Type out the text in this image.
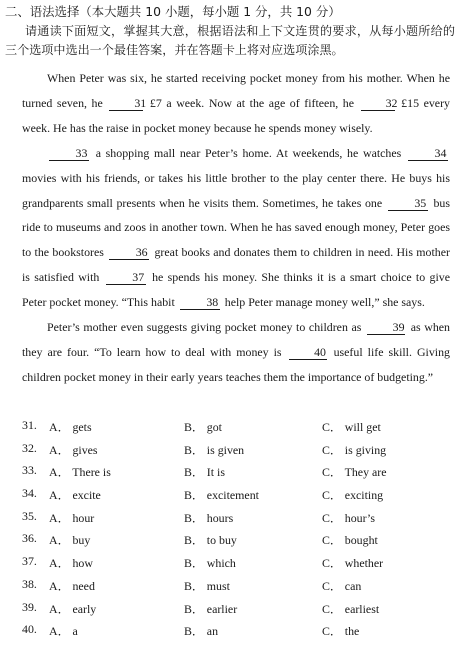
二、语法选择（本大题共 10 小题，每小题 1 分，共 10 分）
请通读下面短文，掌握其大意，根据语法和上下文连贯的要求，从每小题所给的三个选项中选出一个最佳答案，并在答题卡上将对应选项涂黑。

When Peter was six, he started receiving pocket money from his mother. When he turned seven, he	31 £7 a week. Now at the age of fifteen, he	32 £15 every week. He has the raise in pocket money because he spends money wisely.

33 a shopping mall near Peter’s home. At weekends, he watches	34 movies with his friends, or takes his little brother to the play center there. He buys his grandparents small presents when he visits them. Sometimes, he takes one	35 bus ride to museums and zoos in another town. When he has saved enough money, Peter goes to the bookstores	36 great books and donates them to children in need. His mother is satisfied with	37 he spends his money. She thinks it is a smart choice to give Peter pocket money. “This habit	38 help Peter manage money well,” she says.

Peter’s mother even suggests giving pocket money to children as	39 as when they are four. “To learn how to deal with money is	40 useful life skill. Giving children pocket money in their early years teaches them the importance of budgeting.”

31. A． gets	B． got	C． will get
32. A． gives	B． is given	C． is giving
33. A． There is	B． It is	C． They are
34. A． excite	B． excitement	C． exciting
35. A． hour	B． hours	C． hour’s
36. A． buy	B． to buy	C． bought
37. A． how	B． which	C． whether
38. A． need	B． must	C． can
39. A． early	B． earlier	C． earliest
40. A． a	B． an	C． the
